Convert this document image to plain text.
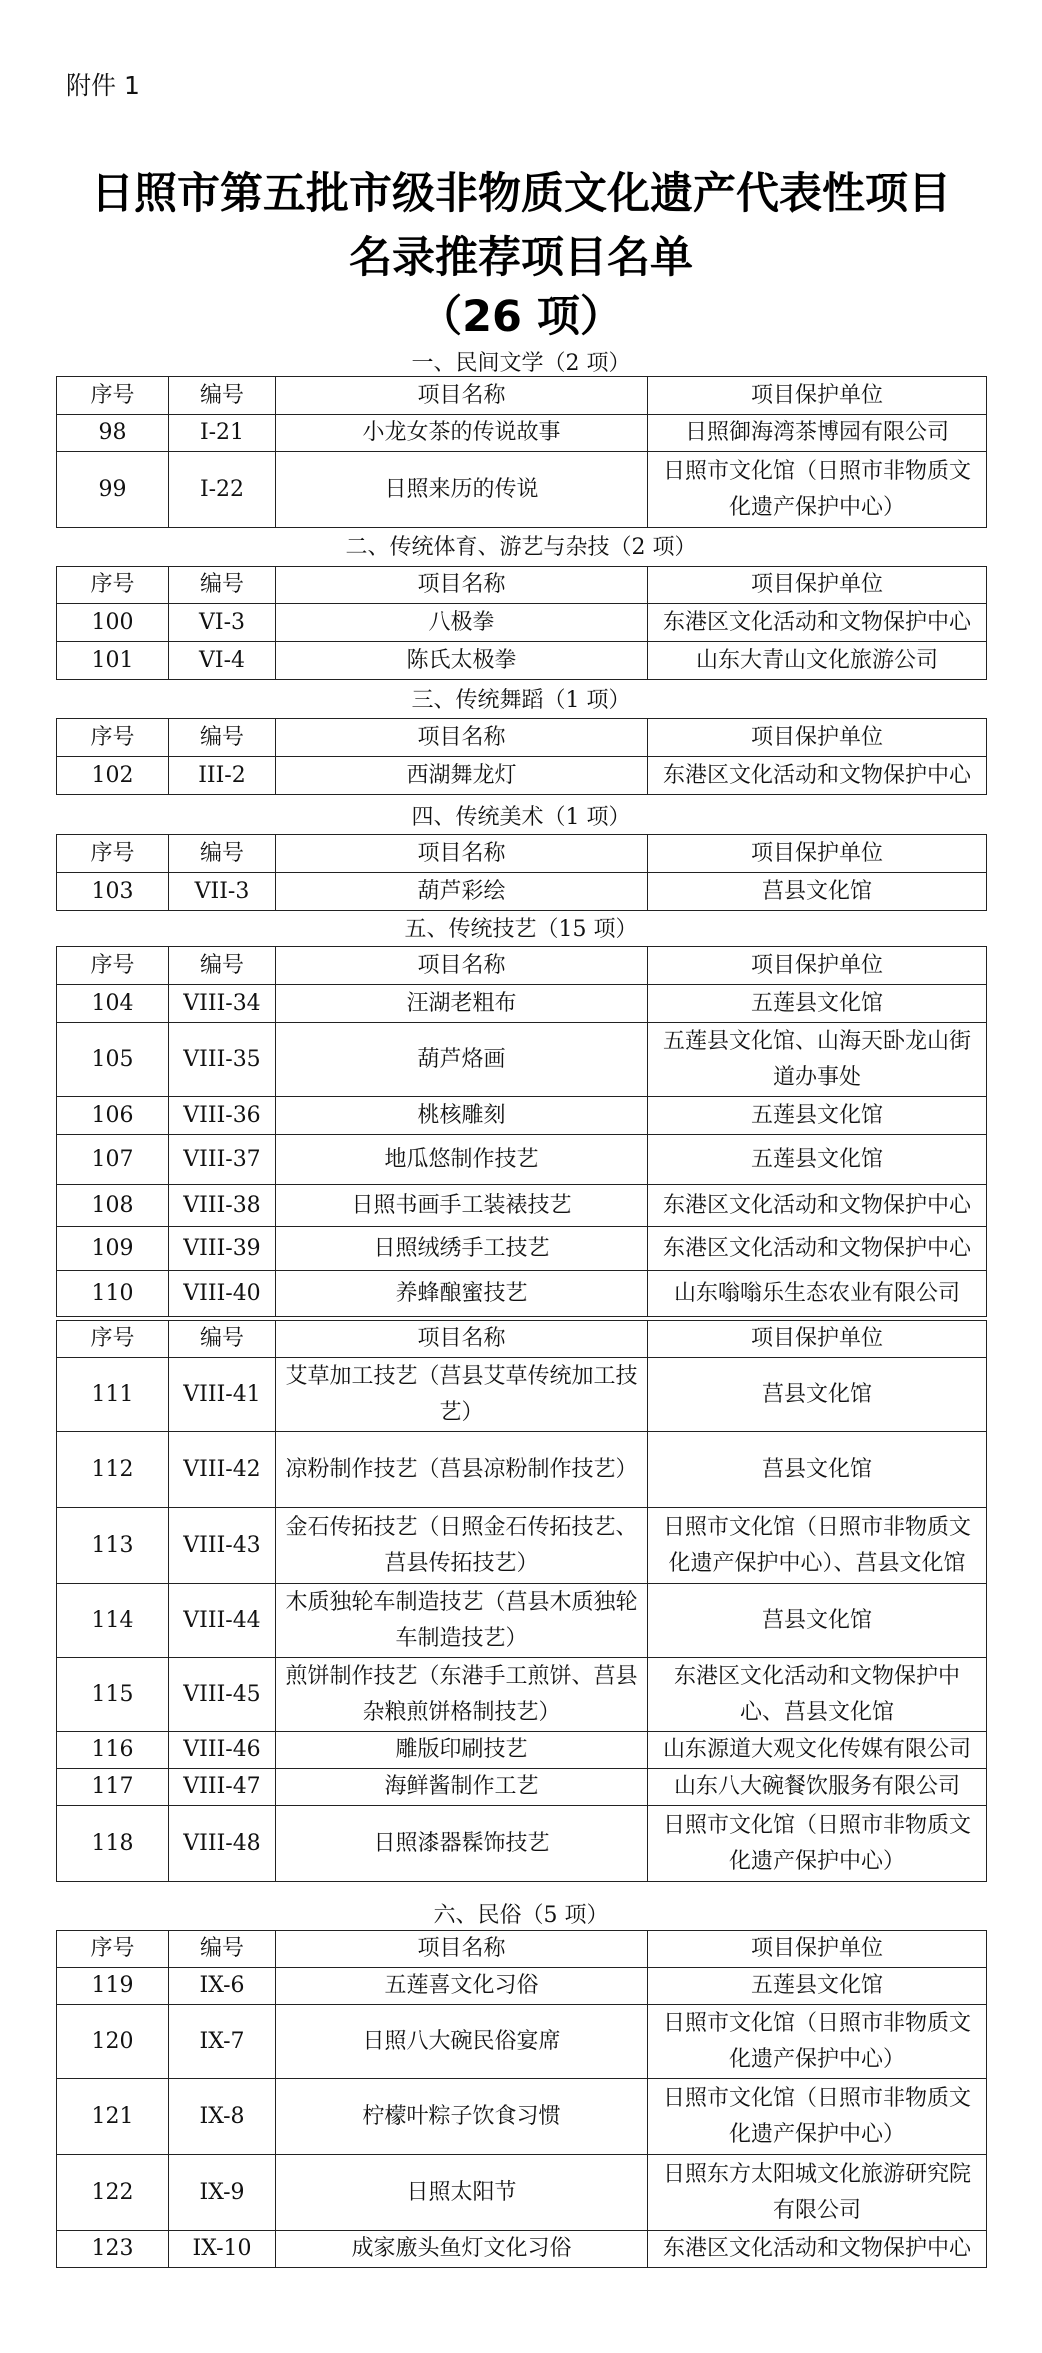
附件 1
日照市第五批市级非物质文化遗产代表性项目
名录推荐项目名单
（26 项）
一、民间文学（2 项）
序号	编号	项目名称	项目保护单位
98	I-21	小龙女茶的传说故事	日照御海湾茶博园有限公司
99	I-22	日照来历的传说	日照市文化馆（日照市非物质文化遗产保护中心）
二、传统体育、游艺与杂技（2 项）
序号	编号	项目名称	项目保护单位
100	VI-3	八极拳	东港区文化活动和文物保护中心
101	VI-4	陈氏太极拳	山东大青山文化旅游公司
三、传统舞蹈（1 项）
序号	编号	项目名称	项目保护单位
102	III-2	西湖舞龙灯	东港区文化活动和文物保护中心
四、传统美术（1 项）
序号	编号	项目名称	项目保护单位
103	VII-3	葫芦彩绘	莒县文化馆
五、传统技艺（15 项）
序号	编号	项目名称	项目保护单位
104	VIII-34	汪湖老粗布	五莲县文化馆
105	VIII-35	葫芦烙画	五莲县文化馆、山海天卧龙山街道办事处
106	VIII-36	桃核雕刻	五莲县文化馆
107	VIII-37	地瓜悠制作技艺	五莲县文化馆
108	VIII-38	日照书画手工装裱技艺	东港区文化活动和文物保护中心
109	VIII-39	日照绒绣手工技艺	东港区文化活动和文物保护中心
110	VIII-40	养蜂酿蜜技艺	山东嗡嗡乐生态农业有限公司
序号	编号	项目名称	项目保护单位
111	VIII-41	艾草加工技艺（莒县艾草传统加工技艺）	莒县文化馆
112	VIII-42	凉粉制作技艺（莒县凉粉制作技艺）	莒县文化馆
113	VIII-43	金石传拓技艺（日照金石传拓技艺、莒县传拓技艺）	日照市文化馆（日照市非物质文化遗产保护中心）、莒县文化馆
114	VIII-44	木质独轮车制造技艺（莒县木质独轮车制造技艺）	莒县文化馆
115	VIII-45	煎饼制作技艺（东港手工煎饼、莒县杂粮煎饼格制技艺）	东港区文化活动和文物保护中心、莒县文化馆
116	VIII-46	雕版印刷技艺	山东源道大观文化传媒有限公司
117	VIII-47	海鲜酱制作工艺	山东八大碗餐饮服务有限公司
118	VIII-48	日照漆器髹饰技艺	日照市文化馆（日照市非物质文化遗产保护中心）
六、民俗（5 项）
序号	编号	项目名称	项目保护单位
119	IX-6	五莲喜文化习俗	五莲县文化馆
120	IX-7	日照八大碗民俗宴席	日照市文化馆（日照市非物质文化遗产保护中心）
121	IX-8	柠檬叶粽子饮食习惯	日照市文化馆（日照市非物质文化遗产保护中心）
122	IX-9	日照太阳节	日照东方太阳城文化旅游研究院有限公司
123	IX-10	成家廒头鱼灯文化习俗	东港区文化活动和文物保护中心
